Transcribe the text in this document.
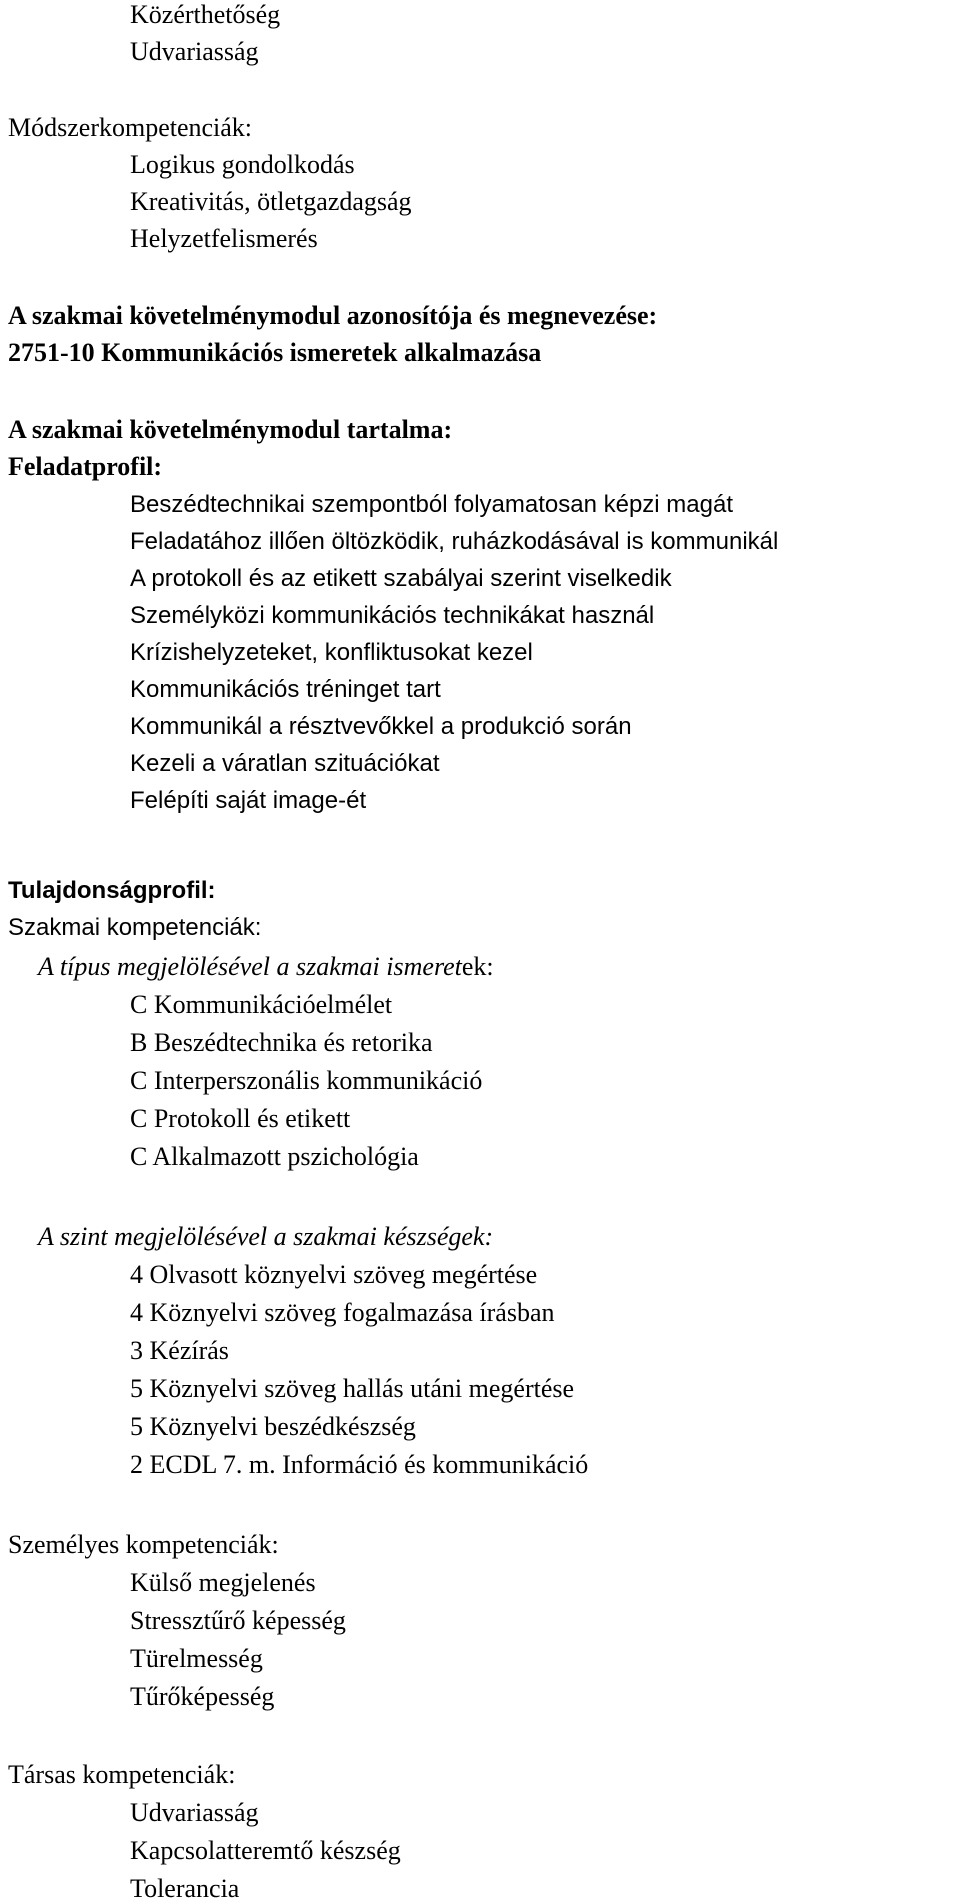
Közérthetőség
Udvariasság
Módszerkompetenciák:
Logikus gondolkodás
Kreativitás, ötletgazdagság
Helyzetfelismerés
A szakmai követelménymodul azonosítója és megnevezése:
2751-10 Kommunikációs ismeretek alkalmazása
A szakmai követelménymodul tartalma:
Feladatprofil:
Beszédtechnikai szempontból folyamatosan képzi magát
Feladatához illően öltözködik, ruházkodásával is kommunikál
A protokoll és az etikett szabályai szerint viselkedik
Személyközi kommunikációs technikákat használ
Krízishelyzeteket, konfliktusokat kezel
Kommunikációs tréninget tart
Kommunikál a résztvevőkkel a produkció során
Kezeli a váratlan szituációkat
Felépíti saját image-ét
Tulajdonságprofil:
Szakmai kompetenciák:
A típus megjelölésével a szakmai ismeretek:
C Kommunikációelmélet
B Beszédtechnika és retorika
C Interperszonális kommunikáció
C Protokoll és etikett
C Alkalmazott pszichológia
A szint megjelölésével a szakmai készségek:
4 Olvasott köznyelvi szöveg megértése
4 Köznyelvi szöveg fogalmazása írásban
3 Kézírás
5 Köznyelvi szöveg hallás utáni megértése
5 Köznyelvi beszédkészség
2 ECDL 7. m. Információ és kommunikáció
Személyes kompetenciák:
Külső megjelenés
Stressztűrő képesség
Türelmesség
Tűrőképesség
Társas kompetenciák:
Udvariasság
Kapcsolatteremtő készség
Tolerancia
